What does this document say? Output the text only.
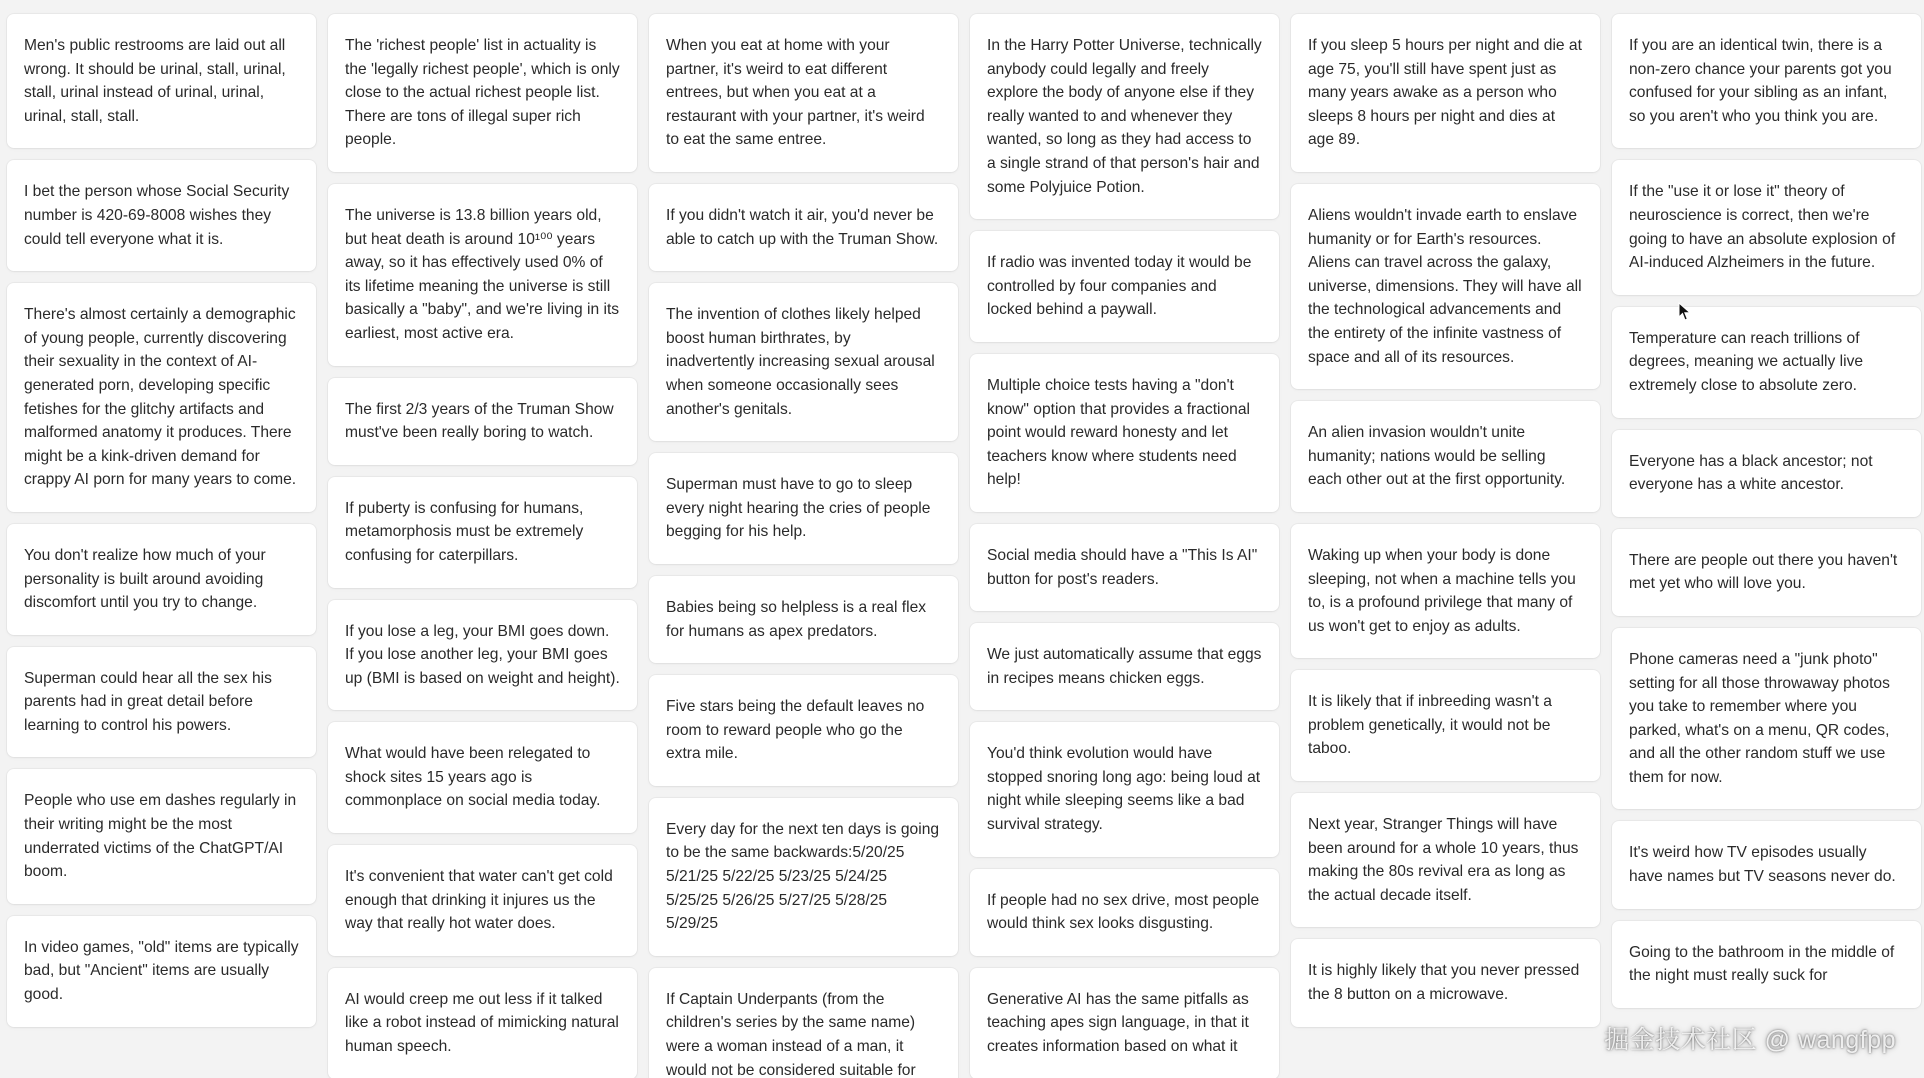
Men's public restrooms are laid out all wrong. It should be urinal, stall, urinal, stall, urinal instead of urinal, urinal, urinal, stall, stall.
I bet the person whose Social Security number is 420-69-8008 wishes they could tell everyone what it is.
There's almost certainly a demographic of young people, currently discovering their sexuality in the context of AI-generated porn, developing specific fetishes for the glitchy artifacts and malformed anatomy it produces. There might be a kink-driven demand for crappy AI porn for many years to come.
You don't realize how much of your personality is built around avoiding discomfort until you try to change.
Superman could hear all the sex his parents had in great detail before learning to control his powers.
People who use em dashes regularly in their writing might be the most underrated victims of the ChatGPT/AI boom.
In video games, "old" items are typically bad, but "Ancient" items are usually good.
The 'richest people' list in actuality is the 'legally richest people', which is only close to the actual richest people list. There are tons of illegal super rich people.
The universe is 13.8 billion years old, but heat death is around 10¹⁰⁰ years away, so it has effectively used 0% of its lifetime meaning the universe is still basically a "baby", and we're living in its earliest, most active era.
The first 2/3 years of the Truman Show must've been really boring to watch.
If puberty is confusing for humans, metamorphosis must be extremely confusing for caterpillars.
If you lose a leg, your BMI goes down. If you lose another leg, your BMI goes up (BMI is based on weight and height).
What would have been relegated to shock sites 15 years ago is commonplace on social media today.
It's convenient that water can't get cold enough that drinking it injures us the way that really hot water does.
AI would creep me out less if it talked like a robot instead of mimicking natural human speech.
When you eat at home with your partner, it's weird to eat different entrees, but when you eat at a restaurant with your partner, it's weird to eat the same entree.
If you didn't watch it air, you'd never be able to catch up with the Truman Show.
The invention of clothes likely helped boost human birthrates, by inadvertently increasing sexual arousal when someone occasionally sees another's genitals.
Superman must have to go to sleep every night hearing the cries of people begging for his help.
Babies being so helpless is a real flex for humans as apex predators.
Five stars being the default leaves no room to reward people who go the extra mile.
Every day for the next ten days is going to be the same backwards:5/20/25 5/21/25 5/22/25 5/23/25 5/24/25 5/25/25 5/26/25 5/27/25 5/28/25 5/29/25
If Captain Underpants (from the children's series by the same name) were a woman instead of a man, it would not be considered suitable for
In the Harry Potter Universe, technically anybody could legally and freely explore the body of anyone else if they really wanted to and whenever they wanted, so long as they had access to a single strand of that person's hair and some Polyjuice Potion.
If radio was invented today it would be controlled by four companies and locked behind a paywall.
Multiple choice tests having a "don't know" option that provides a fractional point would reward honesty and let teachers know where students need help!
Social media should have a "This Is AI" button for post's readers.
We just automatically assume that eggs in recipes means chicken eggs.
You'd think evolution would have stopped snoring long ago: being loud at night while sleeping seems like a bad survival strategy.
If people had no sex drive, most people would think sex looks disgusting.
Generative AI has the same pitfalls as teaching apes sign language, in that it creates information based on what it
If you sleep 5 hours per night and die at age 75, you'll still have spent just as many years awake as a person who sleeps 8 hours per night and dies at age 89.
Aliens wouldn't invade earth to enslave humanity or for Earth's resources. Aliens can travel across the galaxy, universe, dimensions. They will have all the technological advancements and the entirety of the infinite vastness of space and all of its resources.
An alien invasion wouldn't unite humanity; nations would be selling each other out at the first opportunity.
Waking up when your body is done sleeping, not when a machine tells you to, is a profound privilege that many of us won't get to enjoy as adults.
It is likely that if inbreeding wasn't a problem genetically, it would not be taboo.
Next year, Stranger Things will have been around for a whole 10 years, thus making the 80s revival era as long as the actual decade itself.
It is highly likely that you never pressed the 8 button on a microwave.
If you are an identical twin, there is a non-zero chance your parents got you confused for your sibling as an infant, so you aren't who you think you are.
If the "use it or lose it" theory of neuroscience is correct, then we're going to have an absolute explosion of AI-induced Alzheimers in the future.
Temperature can reach trillions of degrees, meaning we actually live extremely close to absolute zero.
Everyone has a black ancestor; not everyone has a white ancestor.
There are people out there you haven't met yet who will love you.
Phone cameras need a "junk photo" setting for all those throwaway photos you take to remember where you parked, what's on a menu, QR codes, and all the other random stuff we use them for now.
It's weird how TV episodes usually have names but TV seasons never do.
Going to the bathroom in the middle of the night must really suck for
掘金技术社区 @ wangfpp
